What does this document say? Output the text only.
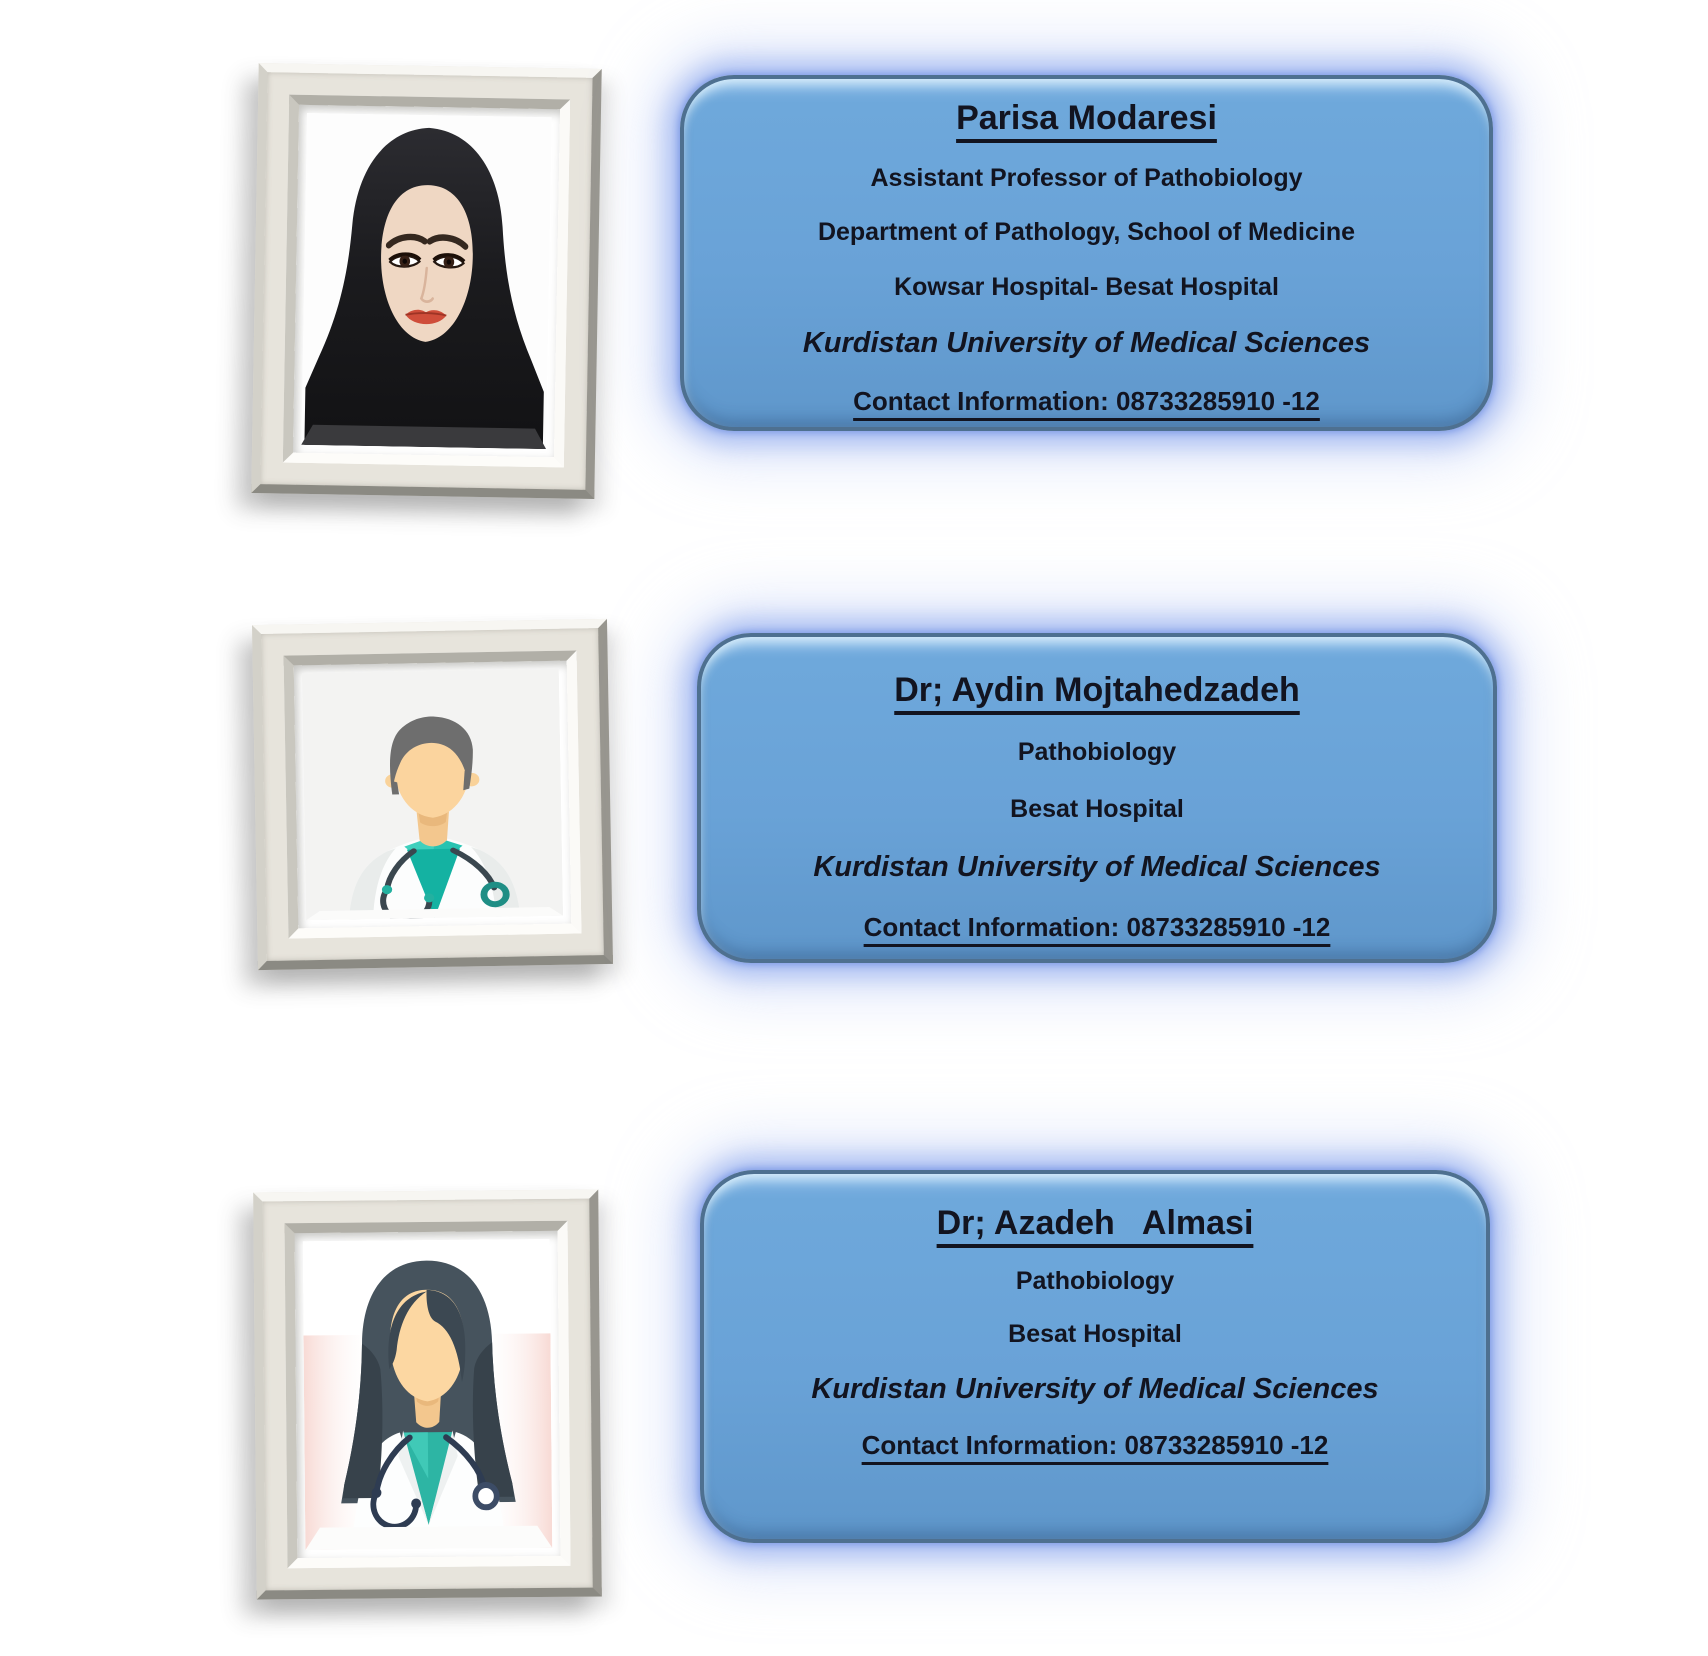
Parisa Modaresi

Assistant Professor of Pathobiology

Department of Pathology, School of Medicine

Kowsar Hospital- Besat Hospital

Kurdistan University of Medical Sciences

Contact Information: 08733285910 -12

Dr; Aydin Mojtahedzadeh

Pathobiology

Besat Hospital

Kurdistan University of Medical Sciences

Contact Information: 08733285910 -12

Dr; Azadeh   Almasi

Pathobiology

Besat Hospital

Kurdistan University of Medical Sciences

Contact Information: 08733285910 -12
